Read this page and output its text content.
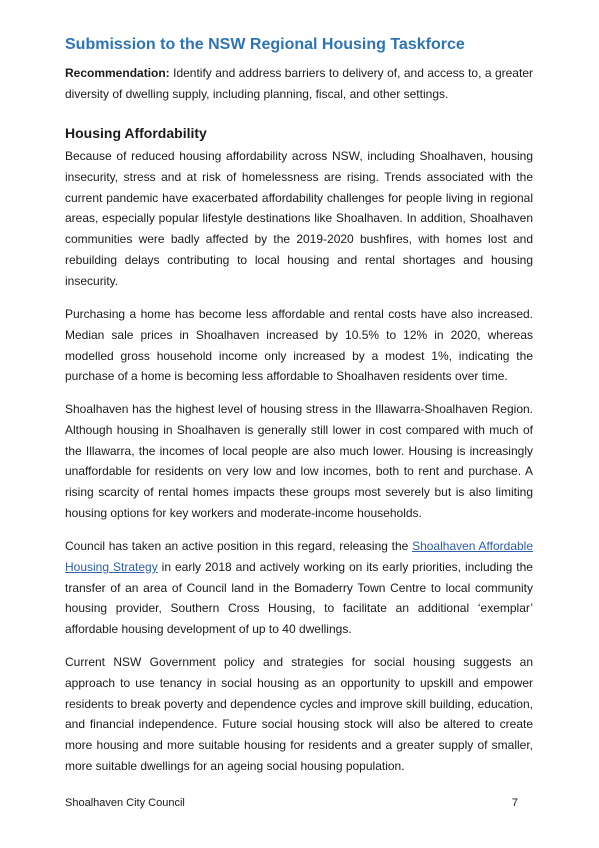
Submission to the NSW Regional Housing Taskforce

Recommendation: Identify and address barriers to delivery of, and access to, a greater diversity of dwelling supply, including planning, fiscal, and other settings.

Housing Affordability

Because of reduced housing affordability across NSW, including Shoalhaven, housing insecurity, stress and at risk of homelessness are rising. Trends associated with the current pandemic have exacerbated affordability challenges for people living in regional areas, especially popular lifestyle destinations like Shoalhaven. In addition, Shoalhaven communities were badly affected by the 2019-2020 bushfires, with homes lost and rebuilding delays contributing to local housing and rental shortages and housing insecurity.

Purchasing a home has become less affordable and rental costs have also increased. Median sale prices in Shoalhaven increased by 10.5% to 12% in 2020, whereas modelled gross household income only increased by a modest 1%, indicating the purchase of a home is becoming less affordable to Shoalhaven residents over time.

Shoalhaven has the highest level of housing stress in the Illawarra-Shoalhaven Region. Although housing in Shoalhaven is generally still lower in cost compared with much of the Illawarra, the incomes of local people are also much lower. Housing is increasingly unaffordable for residents on very low and low incomes, both to rent and purchase. A rising scarcity of rental homes impacts these groups most severely but is also limiting housing options for key workers and moderate-income households.

Council has taken an active position in this regard, releasing the Shoalhaven Affordable Housing Strategy in early 2018 and actively working on its early priorities, including the transfer of an area of Council land in the Bomaderry Town Centre to local community housing provider, Southern Cross Housing, to facilitate an additional ‘exemplar’ affordable housing development of up to 40 dwellings.

Current NSW Government policy and strategies for social housing suggests an approach to use tenancy in social housing as an opportunity to upskill and empower residents to break poverty and dependence cycles and improve skill building, education, and financial independence. Future social housing stock will also be altered to create more housing and more suitable housing for residents and a greater supply of smaller, more suitable dwellings for an ageing social housing population.

Shoalhaven City Council	7
